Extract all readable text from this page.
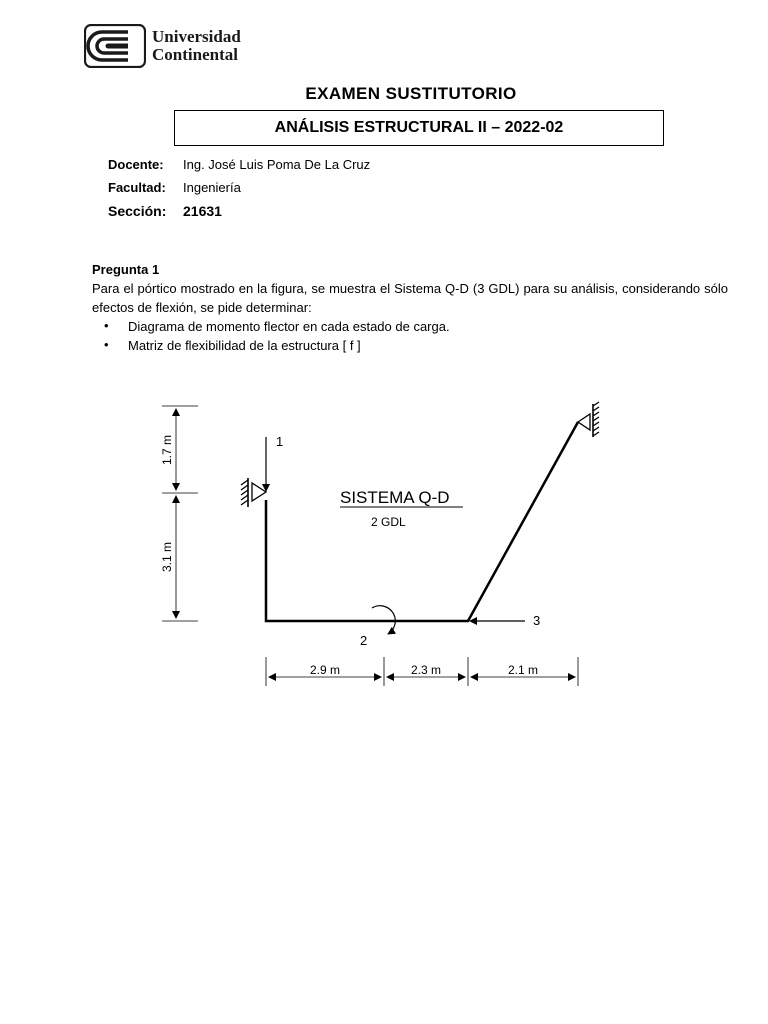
Universidad
Continental
EXAMEN SUSTITUTORIO
ANÁLISIS ESTRUCTURAL II – 2022-02
Docente: Ing. José Luis Poma De La Cruz
Facultad: Ingeniería
Sección: 21631
Pregunta 1
Para el pórtico mostrado en la figura, se muestra el Sistema Q-D (3 GDL) para su análisis, considerando sólo efectos de flexión, se pide determinar:
• Diagrama de momento flector en cada estado de carga.
• Matriz de flexibilidad de la estructura [ f ]
1
2
3
SISTEMA Q-D
2 GDL
1.7 m
3.1 m
2.9 m	2.3 m	2.1 m
